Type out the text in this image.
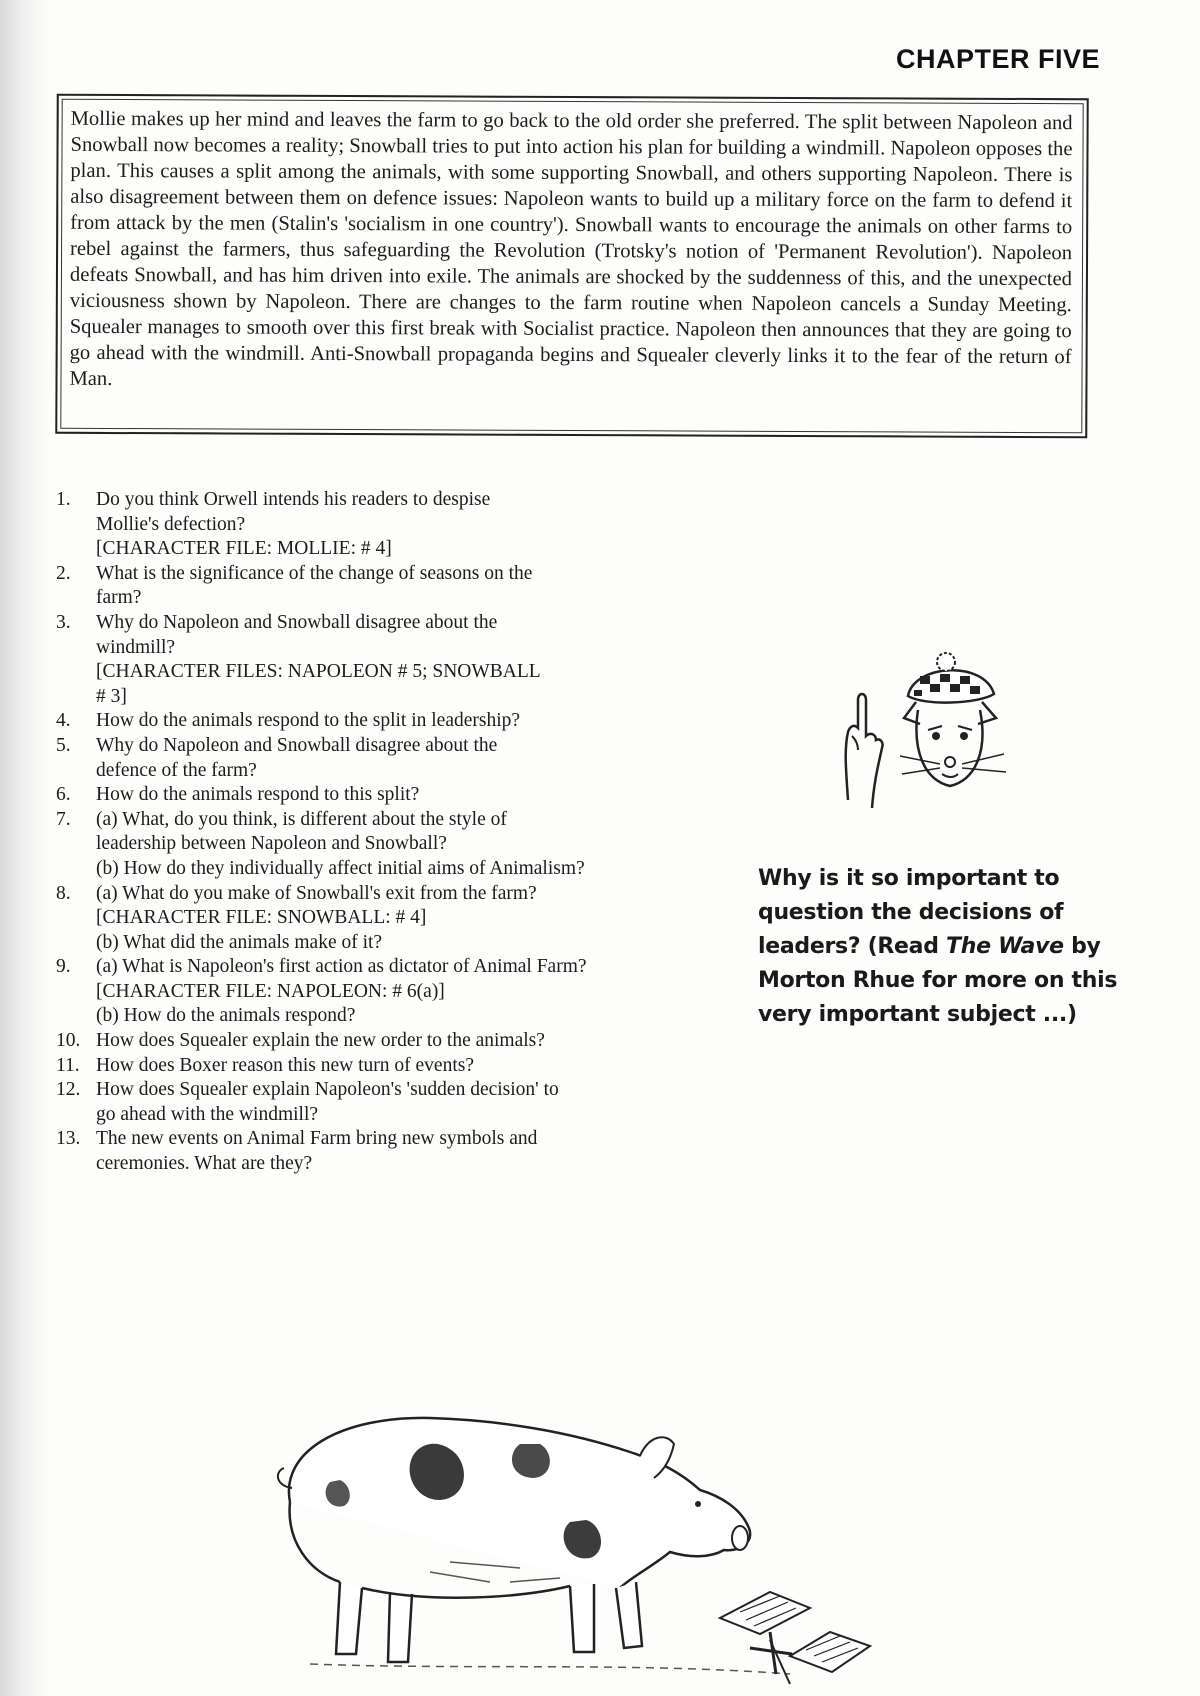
CHAPTER FIVE

Mollie makes up her mind and leaves the farm to go back to the old order she preferred. The split between Napoleon and Snowball now becomes a reality; Snowball tries to put into action his plan for building a windmill. Napoleon opposes the plan. This causes a split among the animals, with some supporting Snowball, and others supporting Napoleon. There is also disagreement between them on defence issues: Napoleon wants to build up a military force on the farm to defend it from attack by the men (Stalin's 'socialism in one country'). Snowball wants to encourage the animals on other farms to rebel against the farmers, thus safeguarding the Revolution (Trotsky's notion of 'Permanent Revolution'). Napoleon defeats Snowball, and has him driven into exile. The animals are shocked by the suddenness of this, and the unexpected viciousness shown by Napoleon. There are changes to the farm routine when Napoleon cancels a Sunday Meeting. Squealer manages to smooth over this first break with Socialist practice. Napoleon then announces that they are going to go ahead with the windmill. Anti-Snowball propaganda begins and Squealer cleverly links it to the fear of the return of Man.

1.	Do you think Orwell intends his readers to despise
Mollie's defection?
[CHARACTER FILE: MOLLIE: # 4]
2.	What is the significance of the change of seasons on the
farm?
3.	Why do Napoleon and Snowball disagree about the
windmill?
[CHARACTER FILES: NAPOLEON # 5; SNOWBALL
# 3]
4.	How do the animals respond to the split in leadership?
5.	Why do Napoleon and Snowball disagree about the
defence of the farm?
6.	How do the animals respond to this split?
7.	(a) What, do you think, is different about the style of
leadership between Napoleon and Snowball?
(b) How do they individually affect initial aims of Animalism?
8.	(a) What do you make of Snowball's exit from the farm?
[CHARACTER FILE: SNOWBALL: # 4]
(b) What did the animals make of it?
9.	(a) What is Napoleon's first action as dictator of Animal Farm?
[CHARACTER FILE: NAPOLEON: # 6(a)]
(b) How do the animals respond?
10. How does Squealer explain the new order to the animals?
11. How does Boxer reason this new turn of events?
12. How does Squealer explain Napoleon's 'sudden decision' to
go ahead with the windmill?
13. The new events on Animal Farm bring new symbols and
ceremonies. What are they?
Why is it so important to question the decisions of leaders? (Read The Wave by Morton Rhue for more on this very important subject ...)
